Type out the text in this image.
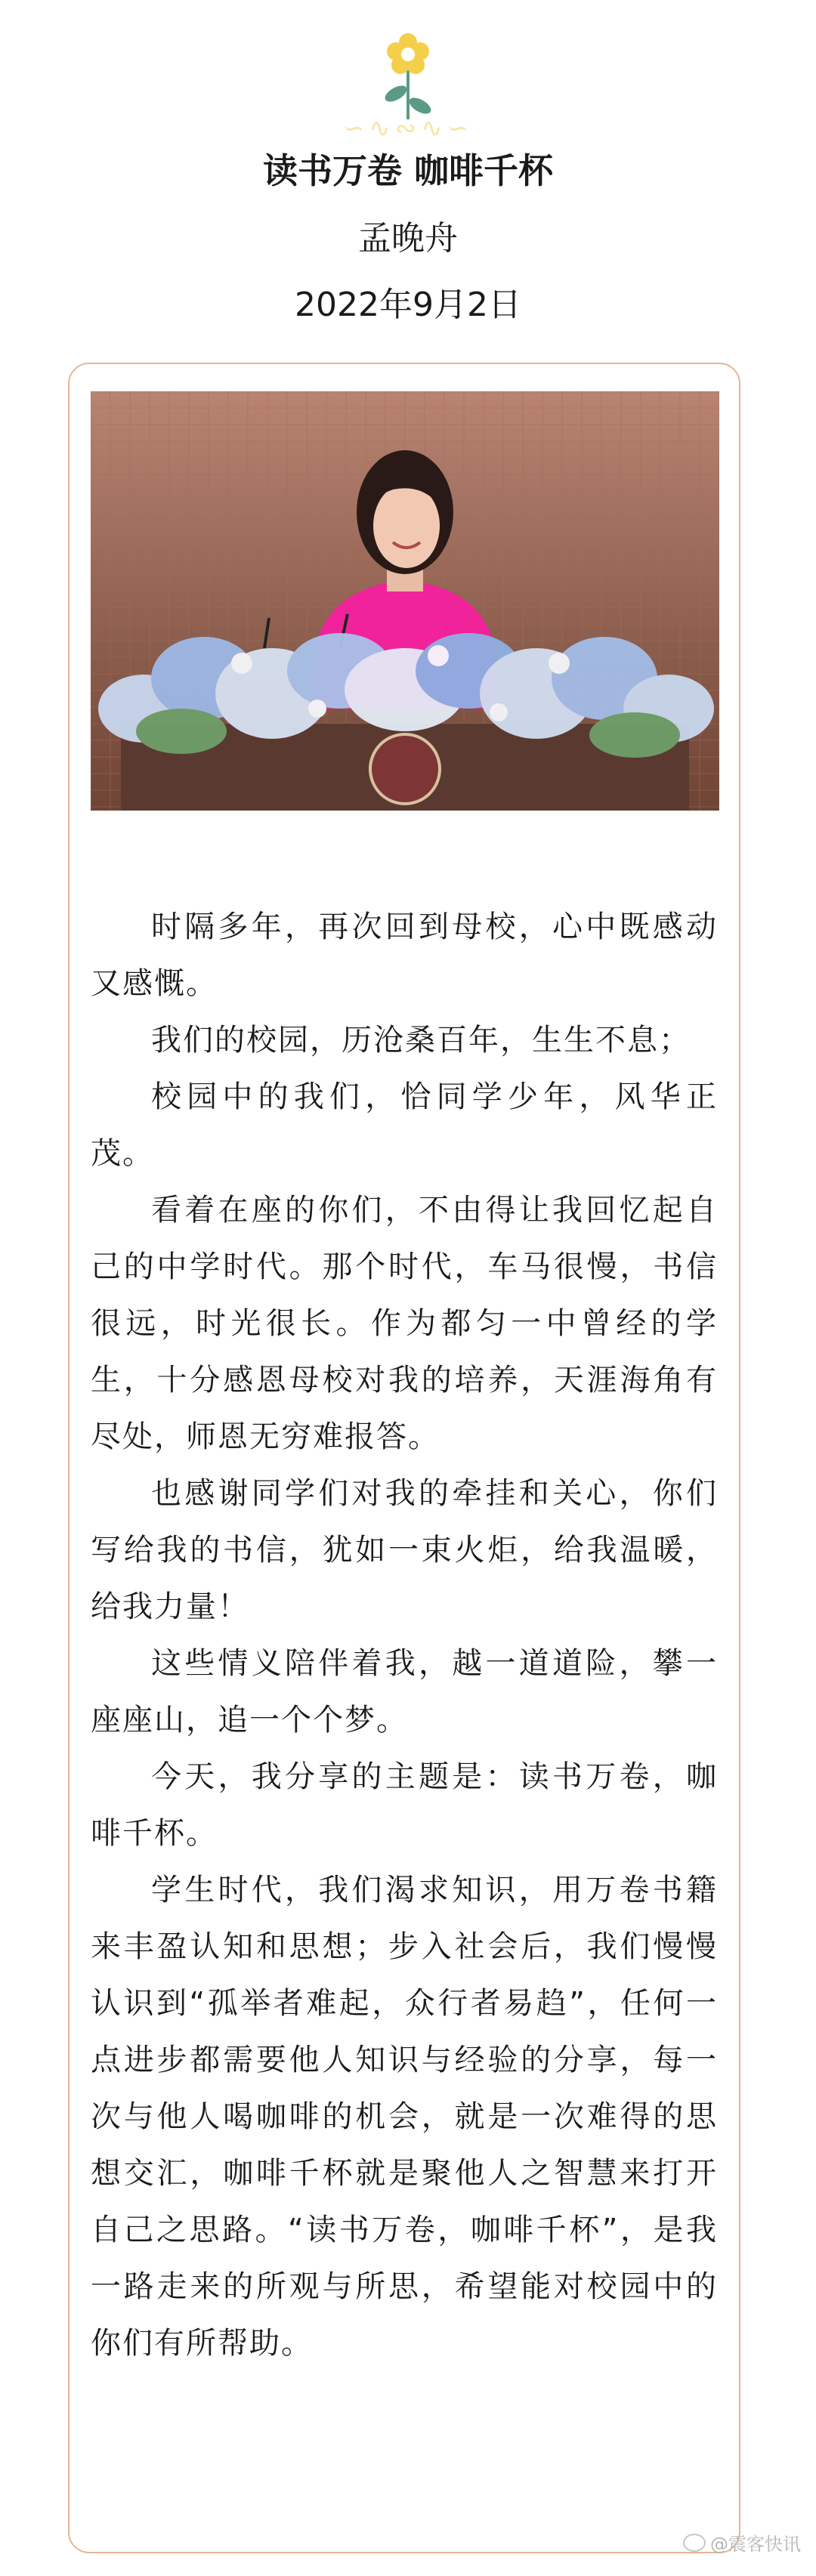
∽∿∾∿∽
读书万卷 咖啡千杯
孟晚舟
2022年9月2日

时隔多年，再次回到母校，心中既感动又感慨。

我们的校园，历沧桑百年，生生不息；

校园中的我们，恰同学少年，风华正茂。

看着在座的你们，不由得让我回忆起自己的中学时代。那个时代，车马很慢，书信很远，时光很长。作为都匀一中曾经的学生，十分感恩母校对我的培养，天涯海角有尽处，师恩无穷难报答。

也感谢同学们对我的牵挂和关心，你们写给我的书信，犹如一束火炬，给我温暖，给我力量！

这些情义陪伴着我，越一道道险，攀一座座山，追一个个梦。

今天，我分享的主题是：读书万卷，咖啡千杯。

学生时代，我们渴求知识，用万卷书籍来丰盈认知和思想；步入社会后，我们慢慢认识到“孤举者难起，众行者易趋”，任何一点进步都需要他人知识与经验的分享，每一次与他人喝咖啡的机会，就是一次难得的思想交汇，咖啡千杯就是聚他人之智慧来打开自己之思路。“读书万卷，咖啡千杯”，是我一路走来的所观与所思，希望能对校园中的你们有所帮助。

@震客快讯
